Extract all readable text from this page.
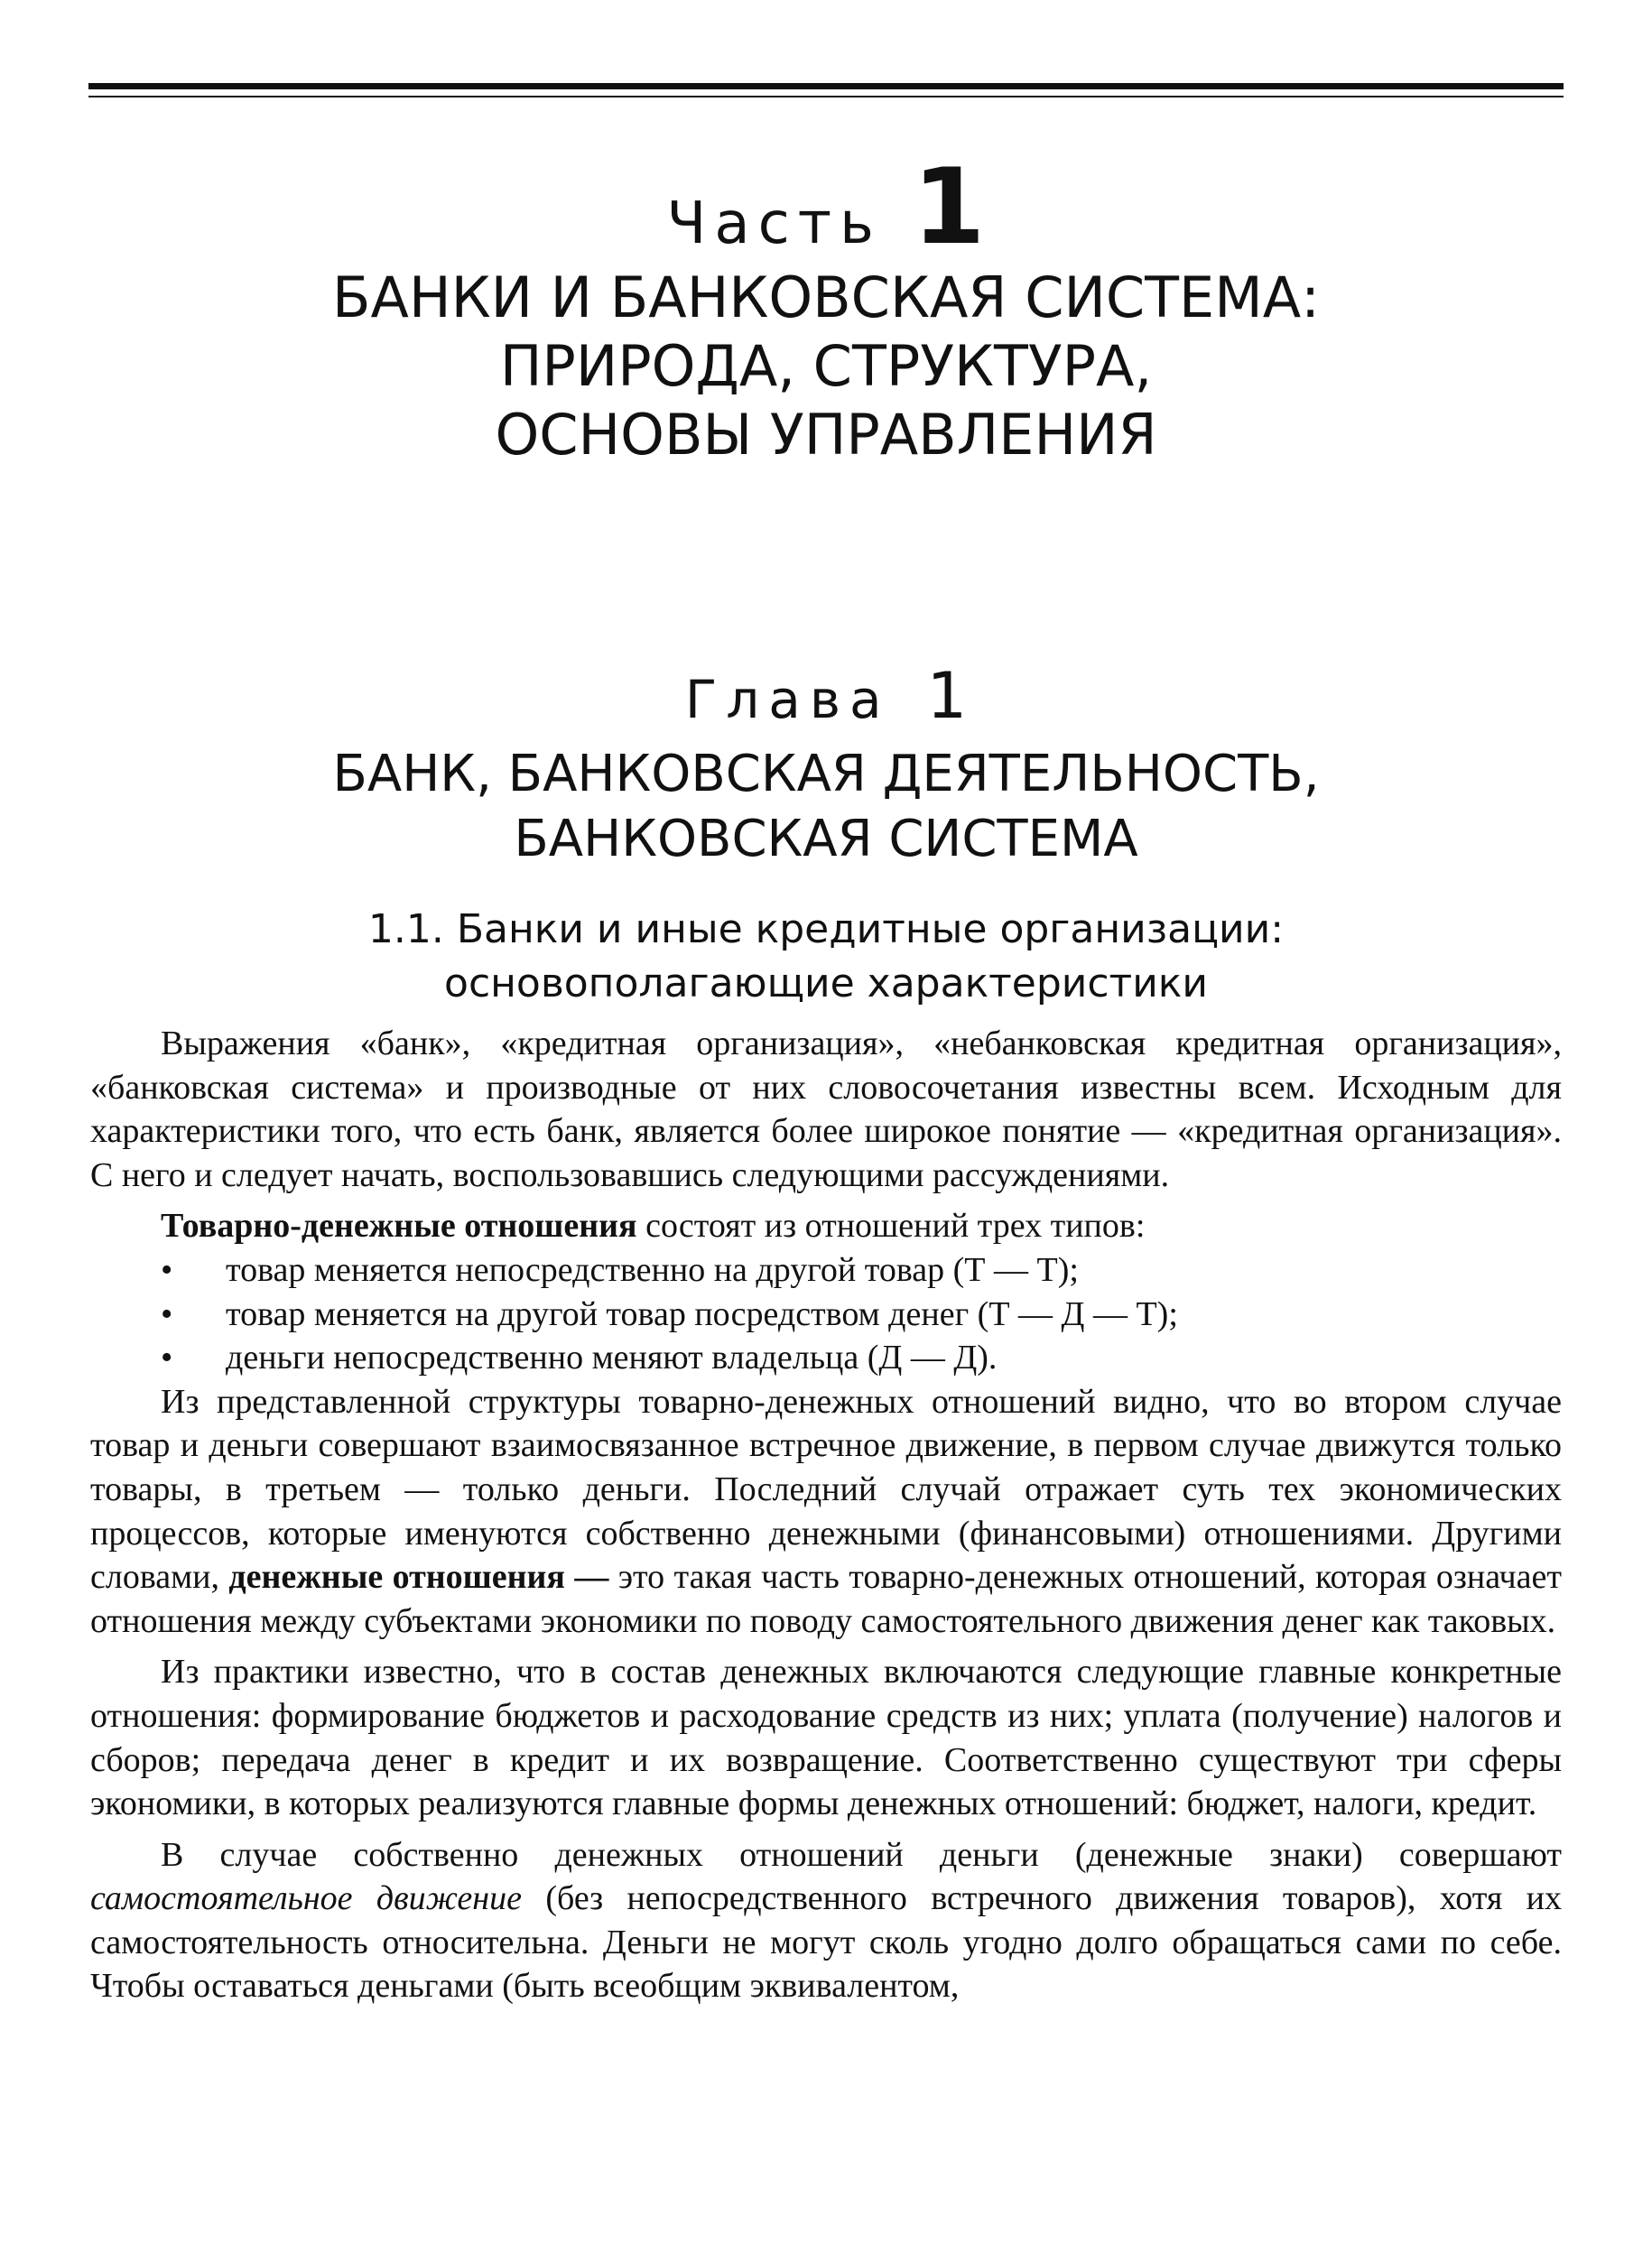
Часть 1
БАНКИ И БАНКОВСКАЯ СИСТЕМА:
ПРИРОДА, СТРУКТУРА,
ОСНОВЫ УПРАВЛЕНИЯ
Глава 1
БАНК, БАНКОВСКАЯ ДЕЯТЕЛЬНОСТЬ,
БАНКОВСКАЯ СИСТЕМА
1.1. Банки и иные кредитные организации:
основополагающие характеристики

Выражения «банк», «кредитная организация», «небанковская кредитная организация», «банковская система» и производные от них словосочетания известны всем. Исходным для характеристики того, что есть банк, является более широкое понятие — «кредитная организация». С него и следует начать, воспользовавшись следующими рассуждениями.

Товарно-денежные отношения состоят из отношений трех типов:

• товар меняется непосредственно на другой товар (Т — Т);
• товар меняется на другой товар посредством денег (Т — Д — Т);
• деньги непосредственно меняют владельца (Д — Д).

Из представленной структуры товарно-денежных отношений видно, что во втором случае товар и деньги совершают взаимосвязанное встречное движение, в первом случае движутся только товары, в третьем — только деньги. Последний случай отражает суть тех экономических процессов, которые именуются собственно денежными (финансовыми) отношениями. Другими словами, денежные отношения — это такая часть товарно-денежных отношений, которая означает отношения между субъектами экономики по поводу самостоятельного движения денег как таковых.

Из практики известно, что в состав денежных включаются следующие главные конкретные отношения: формирование бюджетов и расходование средств из них; уплата (получение) налогов и сборов; передача денег в кредит и их возвращение. Соответственно существуют три сферы экономики, в которых реализуются главные формы денежных отношений: бюджет, налоги, кредит.

В случае собственно денежных отношений деньги (денежные знаки) совершают самостоятельное движение (без непосредственного встречного движения товаров), хотя их самостоятельность относительна. Деньги не могут сколь угодно долго обращаться сами по себе. Чтобы оставаться деньгами (быть всеобщим эквивалентом,
